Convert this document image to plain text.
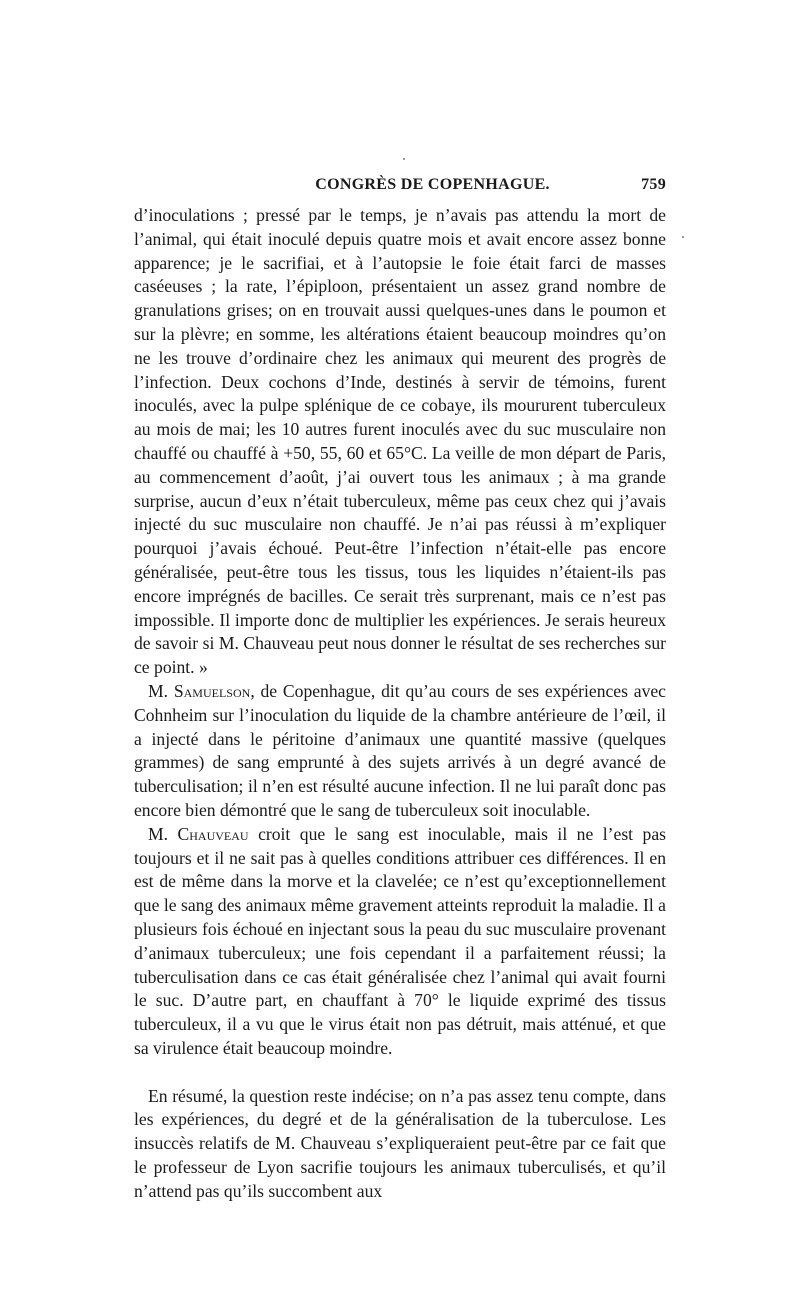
CONGRÈS DE COPENHAGUE.	759

d’inoculations ; pressé par le temps, je n’avais pas attendu la mort de l’animal, qui était inoculé depuis quatre mois et avait encore assez bonne apparence; je le sacrifiai, et à l’autopsie le foie était farci de masses caséeuses ; la rate, l’épiploon, présentaient un assez grand nombre de granulations grises; on en trouvait aussi quelques-unes dans le poumon et sur la plèvre; en somme, les altérations étaient beaucoup moindres qu’on ne les trouve d’ordinaire chez les animaux qui meurent des progrès de l’infection. Deux cochons d’Inde, destinés à servir de témoins, furent inoculés, avec la pulpe splénique de ce cobaye, ils moururent tuberculeux au mois de mai; les 10 autres furent inoculés avec du suc musculaire non chauffé ou chauffé à +50, 55, 60 et 65°C. La veille de mon départ de Paris, au commencement d’août, j’ai ouvert tous les animaux ; à ma grande surprise, aucun d’eux n’était tuberculeux, même pas ceux chez qui j’avais injecté du suc musculaire non chauffé. Je n’ai pas réussi à m’expliquer pourquoi j’avais échoué. Peut-être l’infection n’était-elle pas encore généralisée, peut-être tous les tissus, tous les liquides n’étaient-ils pas encore imprégnés de bacilles. Ce serait très surprenant, mais ce n’est pas impossible. Il importe donc de multiplier les expériences. Je serais heureux de savoir si M. Chauveau peut nous donner le résultat de ses recherches sur ce point. »

M. Samuelson, de Copenhague, dit qu’au cours de ses expériences avec Cohnheim sur l’inoculation du liquide de la chambre antérieure de l’œil, il a injecté dans le péritoine d’animaux une quantité massive (quelques grammes) de sang emprunté à des sujets arrivés à un degré avancé de tuberculisation; il n’en est résulté aucune infection. Il ne lui paraît donc pas encore bien démontré que le sang de tuberculeux soit inoculable.

M. Chauveau croit que le sang est inoculable, mais il ne l’est pas toujours et il ne sait pas à quelles conditions attribuer ces différences. Il en est de même dans la morve et la clavelée; ce n’est qu’exceptionnellement que le sang des animaux même gravement atteints reproduit la maladie. Il a plusieurs fois échoué en injectant sous la peau du suc musculaire provenant d’animaux tuberculeux; une fois cependant il a parfaitement réussi; la tuberculisation dans ce cas était généralisée chez l’animal qui avait fourni le suc. D’autre part, en chauffant à 70° le liquide exprimé des tissus tuberculeux, il a vu que le virus était non pas détruit, mais atténué, et que sa virulence était beaucoup moindre.

En résumé, la question reste indécise; on n’a pas assez tenu compte, dans les expériences, du degré et de la généralisation de la tuberculose. Les insuccès relatifs de M. Chauveau s’expliqueraient peut-être par ce fait que le professeur de Lyon sacrifie toujours les animaux tuberculisés, et qu’il n’attend pas qu’ils succombent aux
